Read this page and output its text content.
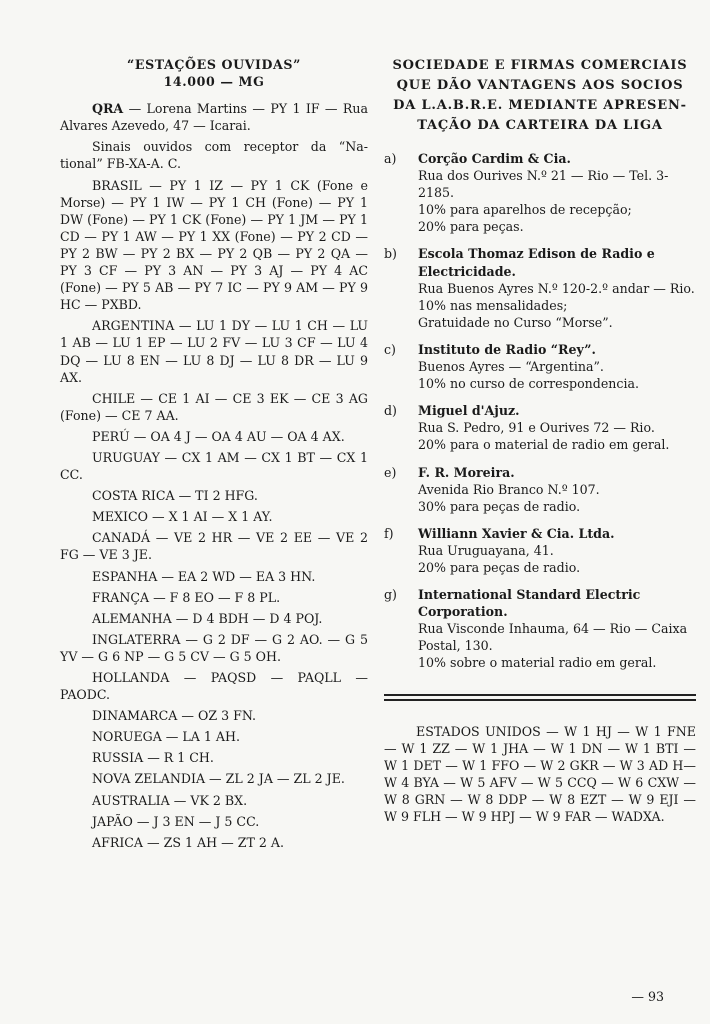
“ESTAÇÕES OUVIDAS”
14.000 — MG

QRA — Lorena Martins — PY 1 IF — Rua Alvares Azevedo, 47 — Icarai.

Sinais ouvidos com receptor da “Na-tional” FB-XA-A. C.

BRASIL — PY 1 IZ — PY 1 CK (Fone e Morse) — PY 1 IW — PY 1 CH (Fone) — PY 1 DW (Fone) — PY 1 CK (Fone) — PY 1 JM — PY 1 CD — PY 1 AW — PY 1 XX (Fone) — PY 2 CD — PY 2 BW — PY 2 BX — PY 2 QB — PY 2 QA — PY 3 CF — PY 3 AN — PY 3 AJ — PY 4 AC (Fone) — PY 5 AB — PY 7 IC — PY 9 AM — PY 9 HC — PXBD.

ARGENTINA — LU 1 DY — LU 1 CH — LU 1 AB — LU 1 EP — LU 2 FV — LU 3 CF — LU 4 DQ — LU 8 EN — LU 8 DJ — LU 8 DR — LU 9 AX.

CHILE — CE 1 AI — CE 3 EK — CE 3 AG (Fone) — CE 7 AA.

PERÚ — OA 4 J — OA 4 AU — OA 4 AX.

URUGUAY — CX 1 AM — CX 1 BT — CX 1 CC.

COSTA RICA — TI 2 HFG.

MEXICO — X 1 AI — X 1 AY.

CANADÁ — VE 2 HR — VE 2 EE — VE 2 FG — VE 3 JE.

ESPANHA — EA 2 WD — EA 3 HN.

FRANÇA — F 8 EO — F 8 PL.

ALEMANHA — D 4 BDH — D 4 POJ.

INGLATERRA — G 2 DF — G 2 AO. — G 5 YV — G 6 NP — G 5 CV — G 5 OH.

HOLLANDA — PAQSD — PAQLL — PAODC.

DINAMARCA — OZ 3 FN.

NORUEGA — LA 1 AH.

RUSSIA — R 1 CH.

NOVA ZELANDIA — ZL 2 JA — ZL 2 JE.

AUSTRALIA — VK 2 BX.

JAPÃO — J 3 EN — J 5 CC.

AFRICA — ZS 1 AH — ZT 2 A.

SOCIEDADE E FIRMAS COMERCIAIS QUE DÃO VANTAGENS AOS SOCIOS DA L.A.B.R.E. MEDIANTE APRESEN-TAÇÃO DA CARTEIRA DA LIGA
a)	Corção Cardim & Cia.
Rua dos Ourives N.º 21 — Rio — Tel. 3-2185.
10% para aparelhos de recepção;
20% para peças.
b)	Escola Thomaz Edison de Radio e Electricidade.
Rua Buenos Ayres N.º 120-2.º andar — Rio.
10% nas mensalidades;
Gratuidade no Curso “Morse”.
c)	Instituto de Radio “Rey”.
Buenos Ayres — “Argentina”.
10% no curso de correspondencia.
d)	Miguel d'Ajuz.
Rua S. Pedro, 91 e Ourives 72 — Rio.
20% para o material de radio em geral.
e)	F. R. Moreira.
Avenida Rio Branco N.º 107.
30% para peças de radio.
f)	Williann Xavier & Cia. Ltda.
Rua Uruguayana, 41.
20% para peças de radio.
g)	International Standard Electric Corporation.
Rua Visconde Inhauma, 64 — Rio — Caixa Postal, 130.
10% sobre o material radio em geral.

ESTADOS UNIDOS — W 1 HJ — W 1 FNE — W 1 ZZ — W 1 JHA — W 1 DN — W 1 BTI — W 1 DET — W 1 FFO — W 2 GKR — W 3 AD H— W 4 BYA — W 5 AFV — W 5 CCQ — W 6 CXW — W 8 GRN — W 8 DDP — W 8 EZT — W 9 EJI — W 9 FLH — W 9 HPJ — W 9 FAR — WADXA.

— 93
